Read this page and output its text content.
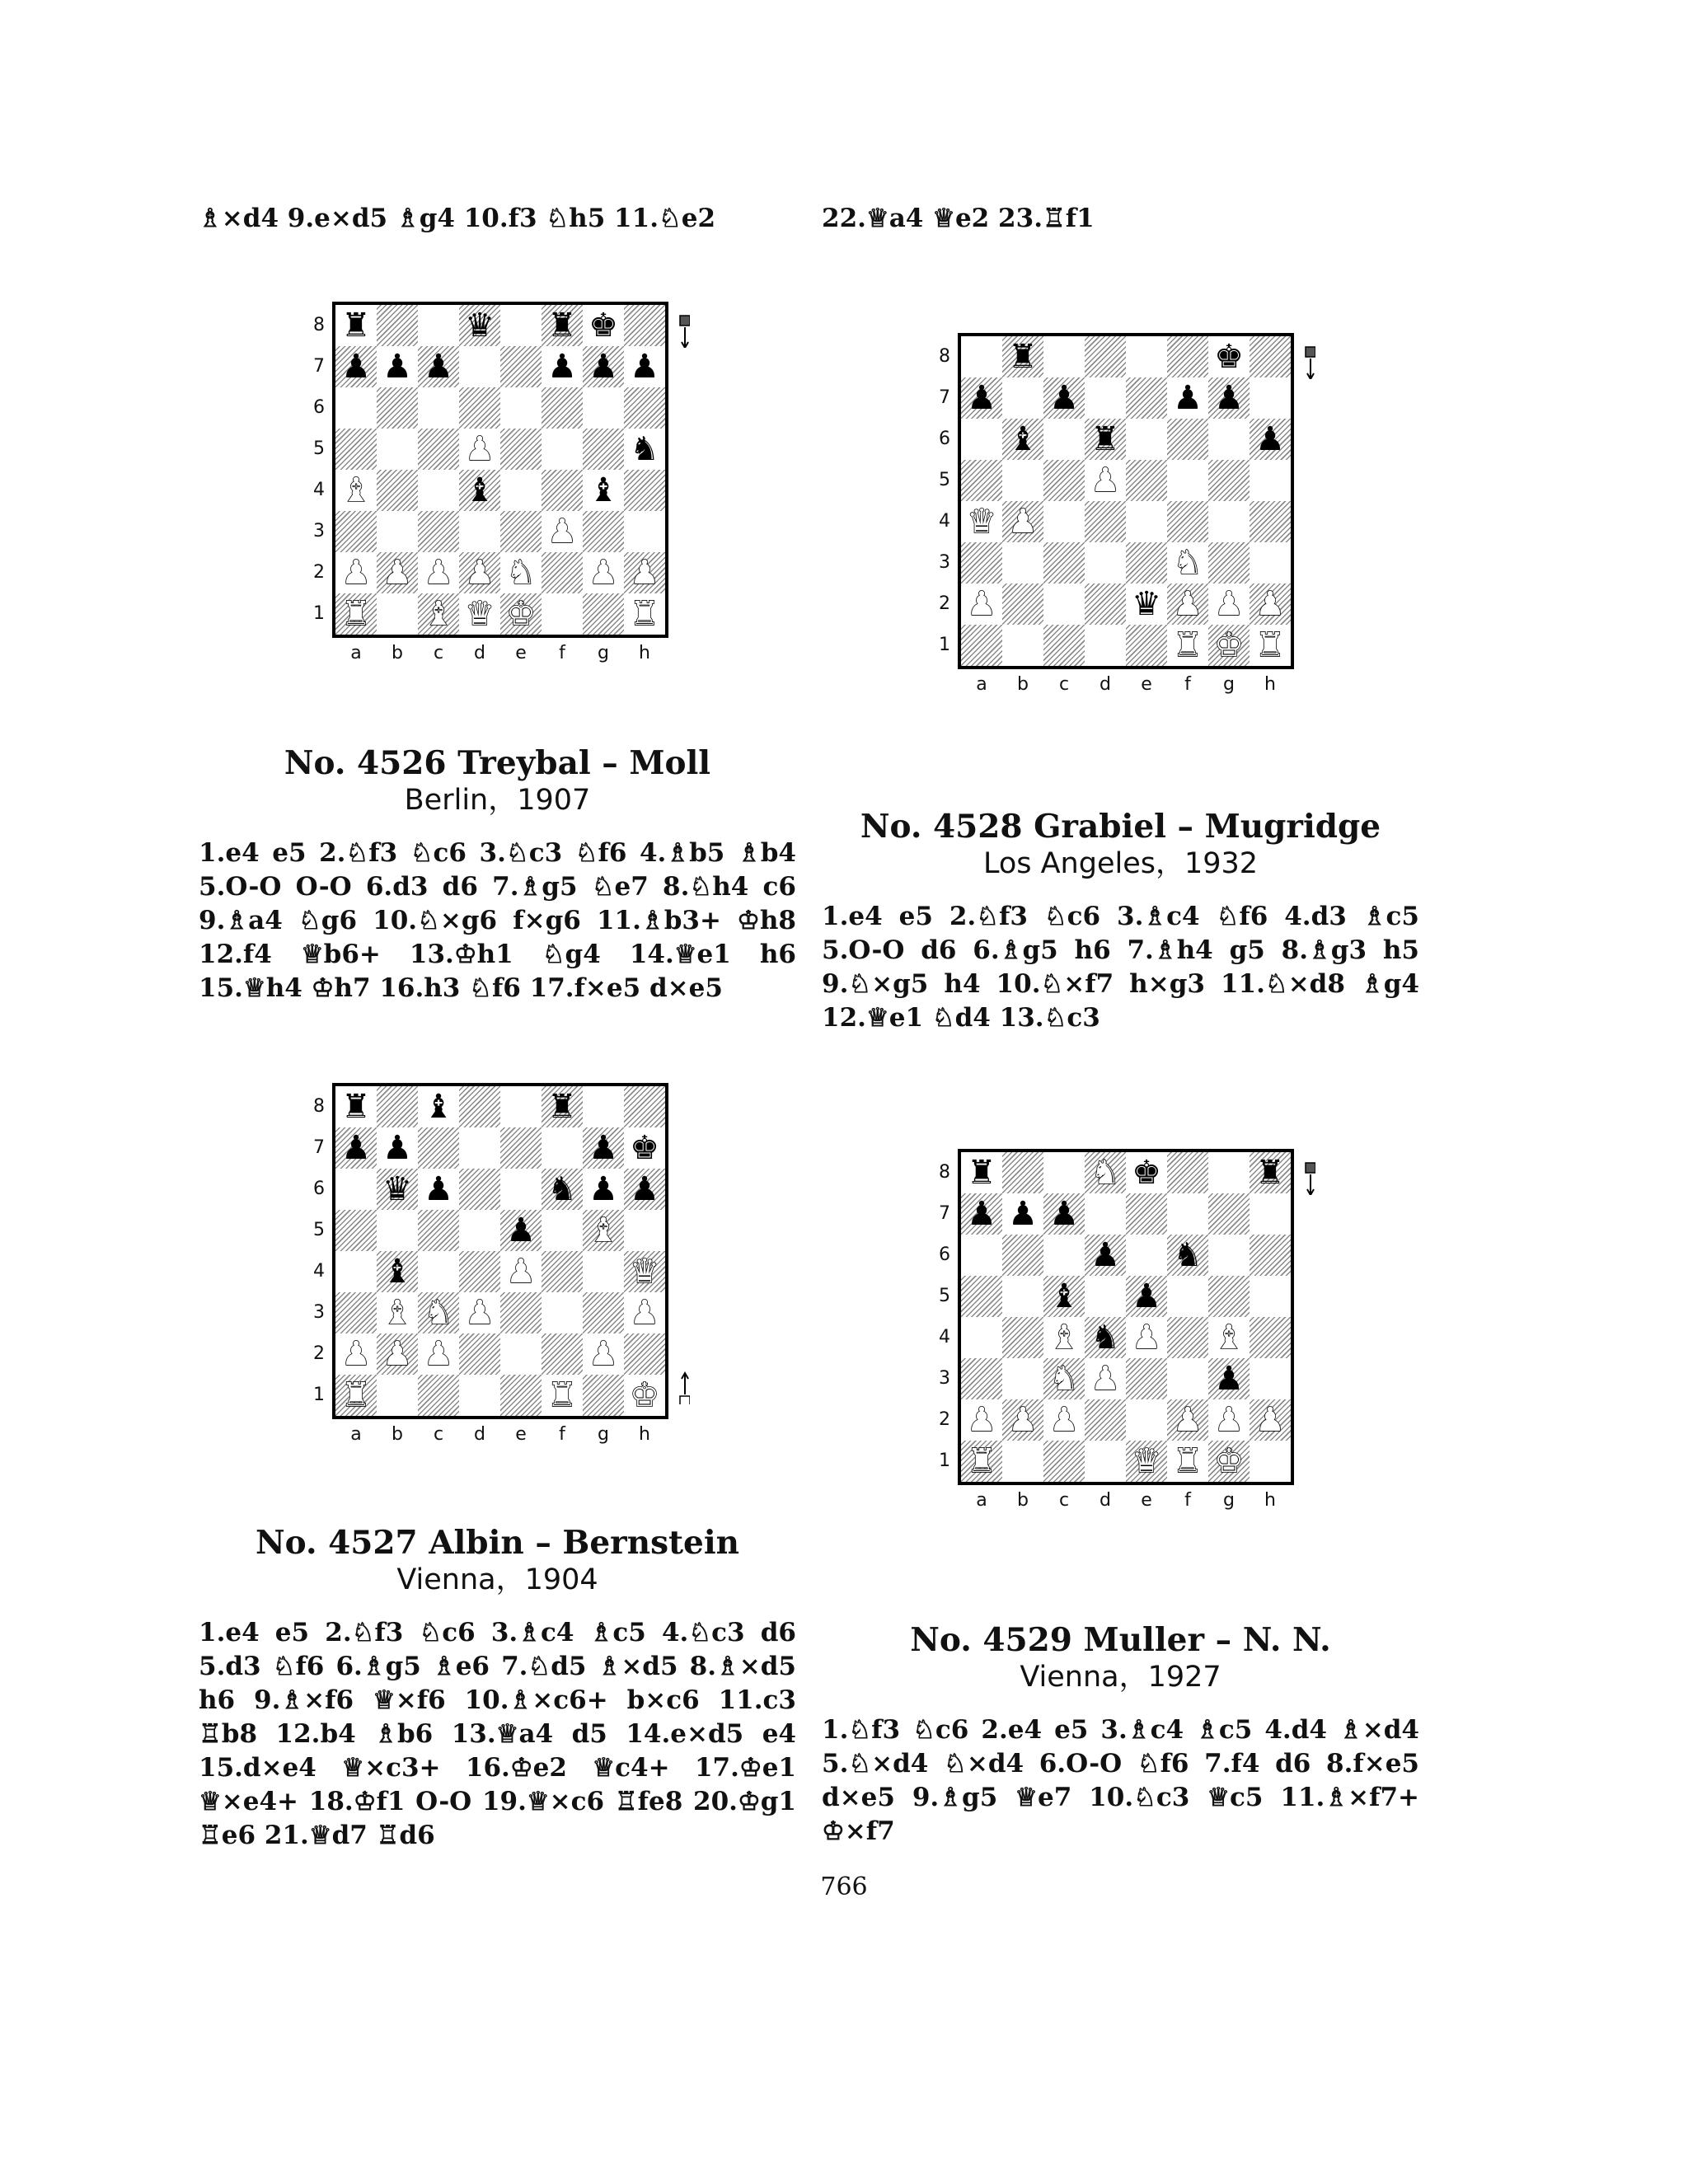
♗×d4 9.e×d5 ♗g4 10.f3 ♘h5 11.♘e2	22.♕a4 ♕e2 23.♖f1

No. 4526 Treybal – Moll

Berlin，1907

1.e4 e5 2.♘f3 ♘c6 3.♘c3 ♘f6 4.♗b5 ♗b4 5.O-O O-O 6.d3 d6 7.♗g5 ♘e7 8.♘h4 c6 9.♗a4 ♘g6 10.♘×g6 f×g6 11.♗b3+ ♔h8 12.f4 ♕b6+ 13.♔h1 ♘g4 14.♕e1 h6 15.♕h4 ♔h7 16.h3 ♘f6 17.f×e5 d×e5

No. 4528 Grabiel – Mugridge

Los Angeles，1932

1.e4 e5 2.♘f3 ♘c6 3.♗c4 ♘f6 4.d3 ♗c5 5.O-O d6 6.♗g5 h6 7.♗h4 g5 8.♗g3 h5 9.♘×g5 h4 10.♘×f7 h×g3 11.♘×d8 ♗g4 12.♕e1 ♘d4 13.♘c3

No. 4527 Albin – Bernstein

Vienna，1904

1.e4 e5 2.♘f3 ♘c6 3.♗c4 ♗c5 4.♘c3 d6 5.d3 ♘f6 6.♗g5 ♗e6 7.♘d5 ♗×d5 8.♗×d5 h6 9.♗×f6 ♕×f6 10.♗×c6+ b×c6 11.c3 ♖b8 12.b4 ♗b6 13.♕a4 d5 14.e×d5 e4 15.d×e4 ♕×c3+ 16.♔e2 ♕c4+ 17.♔e1 ♕×e4+ 18.♔f1 O-O 19.♕×c6 ♖fe8 20.♔g1 ♖e6 21.♕d7 ♖d6

No. 4529 Muller – N. N.

Vienna，1927

1.♘f3 ♘c6 2.e4 e5 3.♗c4 ♗c5 4.d4 ♗×d4 5.♘×d4 ♘×d4 6.O-O ♘f6 7.f4 d6 8.f×e5 d×e5 9.♗g5 ♕e7 10.♘c3 ♕c5 11.♗×f7+ ♔×f7

766
♜	♛ ♜ ♚
♟ ♟ ♟	♟ ♟ ♟
♟	♞
♝	♝	♝
♟
♟ ♟ ♟ ♟ ♞ ♟ ♟
♜ ♝ ♛ ♚	♜
8
7
6
5
4
3
2
1
a	b	c	d	e	f	g	h
♜	♚
♟ ♟	♟ ♟
♝ ♜	♟
♟
♛ ♟
♞
♟	♛ ♟ ♟ ♟
♜ ♚ ♜
8
7
6
5
4
3
2
1
a	b	c	d	e	f	g	h
♜ ♝	♜
♟ ♟	♟ ♚
♛ ♟	♞ ♟ ♟
♟ ♝
♝	♟	♛
♝ ♞ ♟	♟
♟ ♟ ♟	♟
♜	♜ ♚
8
7
6
5
4
3
2
1
a	b	c	d	e	f	g	h
♜	♞ ♚	♜
♟ ♟ ♟
♟ ♞
♝ ♟
♝ ♞ ♟ ♝
♞ ♟	♟
♟ ♟ ♟	♟ ♟ ♟
♜	♛ ♜ ♚
8
7
6
5
4
3
2
1
a	b	c	d	e	f	g	h
